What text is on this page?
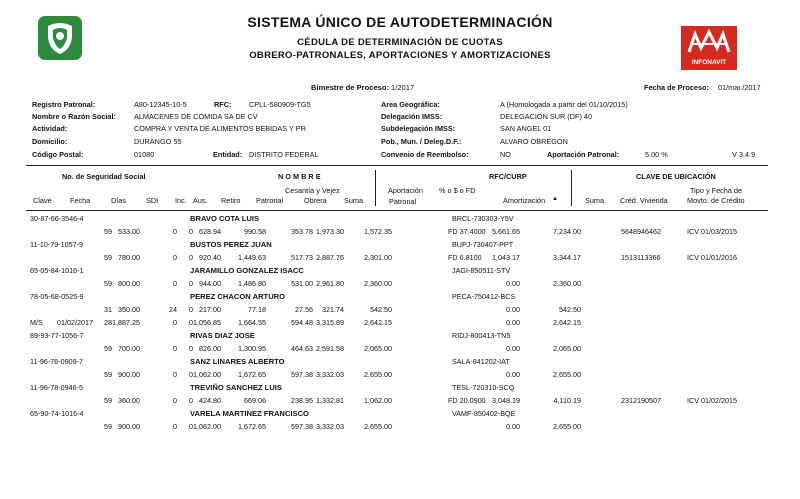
INFONAVIT
SISTEMA ÚNICO DE AUTODETERMINACIÓN
CÉDULA DE DETERMINACIÓN DE CUOTAS
OBRERO-PATRONALES, APORTACIONES Y AMORTIZACIONES
Bimestre de Proceso: 1/2017	Fecha de Proceso: 01/mar./2017
Registro Patronal:	A80-12345-10-5	RFC: CPLL-580909-TG5
Nombre o Razón Social: ALMACENES DE COMIDA SA DE CV
Actividad:	COMPRA Y VENTA DE ALIMENTOS BEBIDAS Y PR
Domicilio:	DURANGO 55
Código Postal:	01080	Entidad: DISTRITO FEDERAL
Area Geográfica:	A (Homologada a partir del 01/10/2015)
Delegación IMSS:	DELEGACION SUR (DF) 40
Subdelegación IMSS:	SAN ANGEL 01
Pob., Mun. / Deleg.D.F.:	ALVARO OBREGON
Convenio de Reembolso:	NO	Aportación Patronal:	5.00 %	V 3.4.9
No. de Seguridad Social	N O M B R E	RFC/CURP	CLAVE DE UBICACIÓN
Cesantía y Vejez	Aportación % o $ o FD	Tipo y Fecha de
Clave	Fecha	Días	SDI Inc. Aus. Retiro Patronal	Obrera Suma	Patronal	Amortización ▲	Suma Créd. Vivienda	Movto. de Crédito
30-87-66-3546-4	BRAVO COTA LUIS	BRCL-730303-Y5V
59 533.00	0	0 628.94	990.58	353.78 1,973.30	1,572.35	FD 37.4000 5,661.65	7,234.00	5648946462	ICV 01/03/2015
11-10-79-1057-9	BUSTOS PEREZ JUAN	BUPJ-730407-PPT
59 780.00	0	0 920.40	1,449.63	517.73 2,887.76	2,301.00	FD 6.8100	1,043.17	3,344.17	1513113366	ICV 01/01/2016
65-05-84-1016-1	JARAMILLO GONZALEZ ISACC	JAGI-850511-STV
59 800.00	0	0 944.00	1,486.80	531.00 2,961.80	2,360.00	0.00	2,360.00
78-05-68-0525-9	PEREZ CHACON ARTURO	PECA-750412-BCS
31 350.00	24	0 217.00	77.18	27.56	321.74	542.50	0.00	542.50
M/S 01/02/2017	28 1,887.25	0	0 1,056.85	1,664.55	594.48 3,315.89	2,642.15	0.00	2,642.15
89-93-77-1056-7	RIVAS DIAZ JOSE	RIDJ-800413-TN5
59 700.00	0	0 826.00	1,300.95	464.63 2,591.58	2,065.00	0.00	2,065.00
11-96-76-0909-7	SANZ LINARES ALBERTO	SALA-841202-IAT
59 900.00	0	0 1,062.00	1,672.65	597.38 3,332.03	2,655.00	0.00	2,655.00
11-96-78-0946-5	TREVIÑO SANCHEZ LUIS	TESL-720310-SCQ
59 360.00	0	0 424.80	669.06	238.95 1,332.81	1,062.00	FD 20.0900 3,048.19	4,110.19	2312190507	ICV 01/02/2015
65-90-74-1016-4	VARELA MARTINEZ FRANCISCO	VAMF-850402-BQE
59 900.00	0	0 1,062.00	1,672.65	597.38 3,332.03	2,655.00	0.00	2,655.00
